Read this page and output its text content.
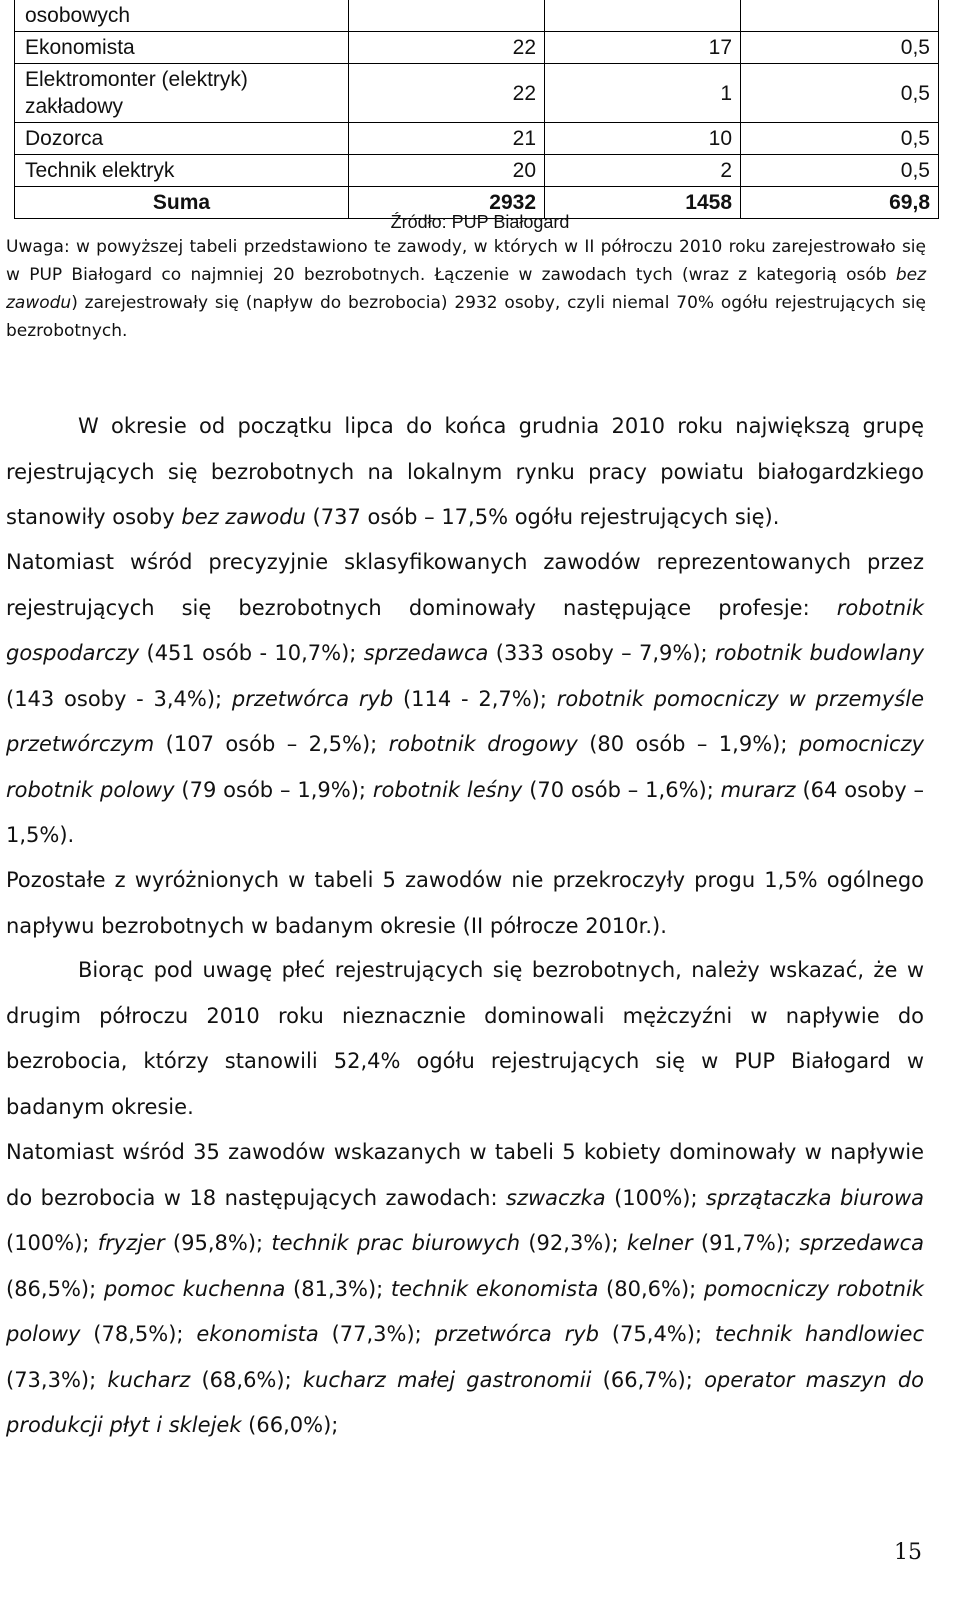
osobowych			
Ekonomista	22	17	0,5
Elektromonter (elektryk) zakładowy	22	1	0,5
Dozorca	21	10	0,5
Technik elektryk	20	2	0,5
Suma	2932	1458	69,8
Źródło: PUP Białogard
Uwaga: w powyższej tabeli przedstawiono te zawody, w których w II półroczu 2010 roku zarejestrowało się w PUP Białogard co najmniej 20 bezrobotnych. Łączenie w zawodach tych (wraz z kategorią osób bez zawodu) zarejestrowały się (napływ do bezrobocia) 2932 osoby, czyli niemal 70% ogółu rejestrujących się bezrobotnych.

W okresie od początku lipca do końca grudnia 2010 roku największą grupę rejestrujących się bezrobotnych na lokalnym rynku pracy powiatu białogardzkiego stanowiły osoby bez zawodu (737 osób – 17,5% ogółu rejestrujących się).

Natomiast wśród precyzyjnie sklasyfikowanych zawodów reprezentowanych przez rejestrujących się bezrobotnych dominowały następujące profesje: robotnik gospodarczy (451 osób - 10,7%); sprzedawca (333 osoby – 7,9%); robotnik budowlany (143 osoby - 3,4%); przetwórca ryb (114 - 2,7%); robotnik pomocniczy w przemyśle przetwórczym (107 osób – 2,5%); robotnik drogowy (80 osób – 1,9%); pomocniczy robotnik polowy (79 osób – 1,9%); robotnik leśny (70 osób – 1,6%); murarz (64 osoby – 1,5%).

Pozostałe z wyróżnionych w tabeli 5 zawodów nie przekroczyły progu 1,5% ogólnego napływu bezrobotnych w badanym okresie (II półrocze 2010r.).

Biorąc pod uwagę płeć rejestrujących się bezrobotnych, należy wskazać, że w drugim półroczu 2010 roku nieznacznie dominowali mężczyźni w napływie do bezrobocia, którzy stanowili 52,4% ogółu rejestrujących się w PUP Białogard w badanym okresie.

Natomiast wśród 35 zawodów wskazanych w tabeli 5 kobiety dominowały w napływie do bezrobocia w 18 następujących zawodach: szwaczka (100%); sprzątaczka biurowa (100%); fryzjer (95,8%); technik prac biurowych (92,3%); kelner (91,7%); sprzedawca (86,5%); pomoc kuchenna (81,3%); technik ekonomista (80,6%); pomocniczy robotnik polowy (78,5%); ekonomista (77,3%); przetwórca ryb (75,4%); technik handlowiec (73,3%); kucharz (68,6%); kucharz małej gastronomii (66,7%); operator maszyn do produkcji płyt i sklejek (66,0%);

15
